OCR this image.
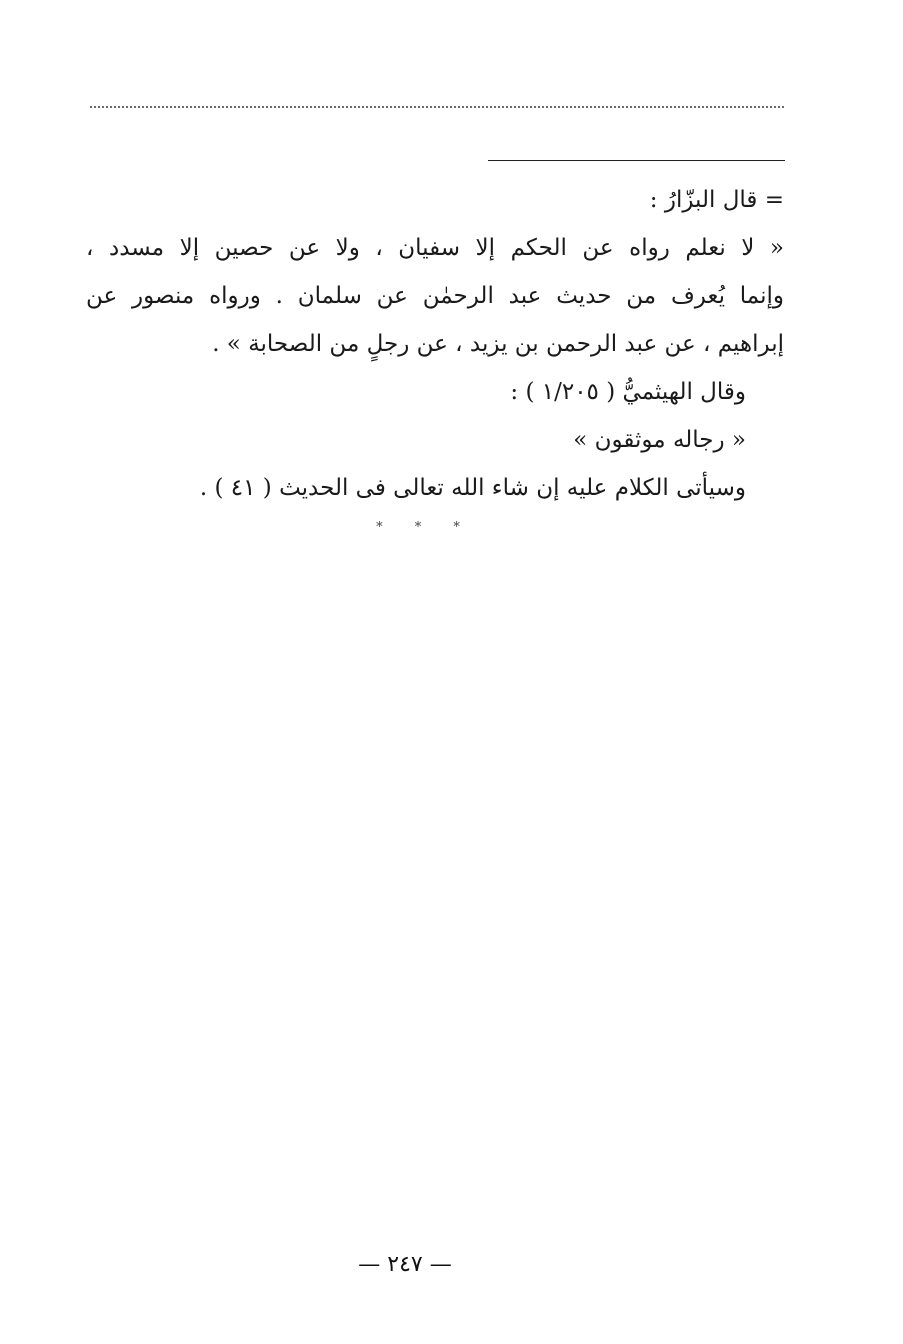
= قال البزّارُ :
« لا نعلم رواه عن الحكم إلا سفيان ، ولا عن حصين إلا مسدد ،
وإنما يُعرف من حديث عبد الرحمٰن عن سلمان . ورواه منصور عن
إبراهيم ، عن عبد الرحمن بن يزيد ، عن رجلٍ من الصحابة » .
وقال الهيثميُّ ( ١/٢٠٥ ) :
« رجاله موثقون »
وسيأتى الكلام عليه إن شاء الله تعالى فى الحديث ( ٤١ ) .
* * *
— ٢٤٧ —
